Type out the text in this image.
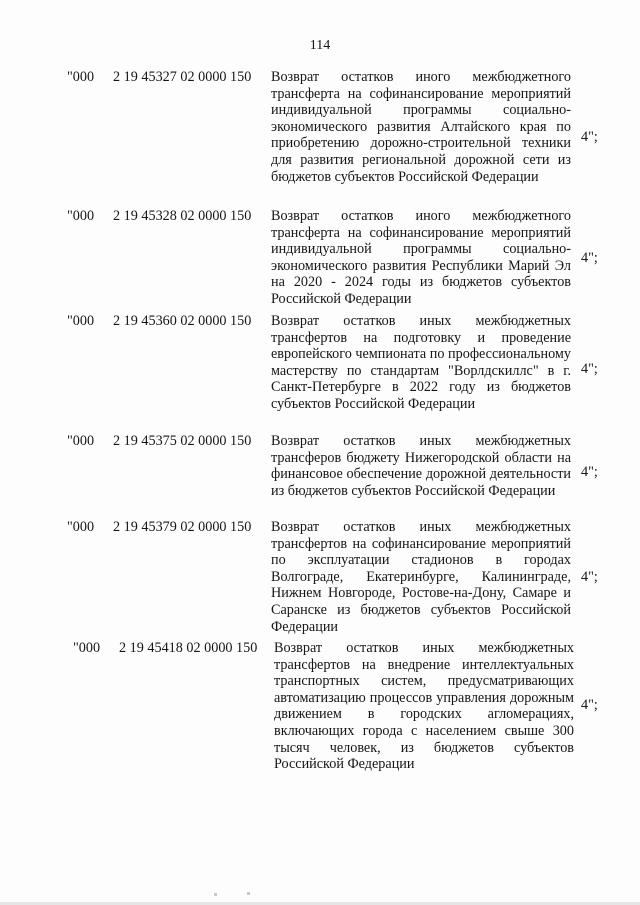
114
"000 2 19 45327 02 0000 150 Возврат остатков иного межбюджетного трансферта на софинансирование мероприятий индивидуальной программы социально-экономического развития Алтайского края по приобретению дорожно-строительной техники для развития региональной дорожной сети из бюджетов субъектов Российской Федерации
4";
"000 2 19 45328 02 0000 150 Возврат остатков иного межбюджетного трансферта на софинансирование мероприятий индивидуальной программы социально-экономического развития Республики Марий Эл на 2020 - 2024 годы из бюджетов субъектов Российской Федерации
4";
"000 2 19 45360 02 0000 150 Возврат остатков иных межбюджетных трансфертов на подготовку и проведение европейского чемпионата по профессиональному мастерству по стандартам "Ворлдскиллс" в г. Санкт-Петербурге в 2022 году из бюджетов субъектов Российской Федерации
4";
"000 2 19 45375 02 0000 150 Возврат остатков иных межбюджетных трансферов бюджету Нижегородской области на финансовое обеспечение дорожной деятельности из бюджетов субъектов Российской Федерации
4";
"000 2 19 45379 02 0000 150 Возврат остатков иных межбюджетных трансфертов на софинансирование мероприятий по эксплуатации стадионов в городах Волгограде, Екатеринбурге, Калининграде, Нижнем Новгороде, Ростове-на-Дону, Самаре и Саранске из бюджетов субъектов Российской Федерации
4";
"000 2 19 45418 02 0000 150 Возврат остатков иных межбюджетных трансфертов на внедрение интеллектуальных транспортных систем, предусматривающих автоматизацию процессов управления дорожным движением в городских агломерациях, включающих города с населением свыше 300 тысяч человек, из бюджетов субъектов Российской Федерации
4";
